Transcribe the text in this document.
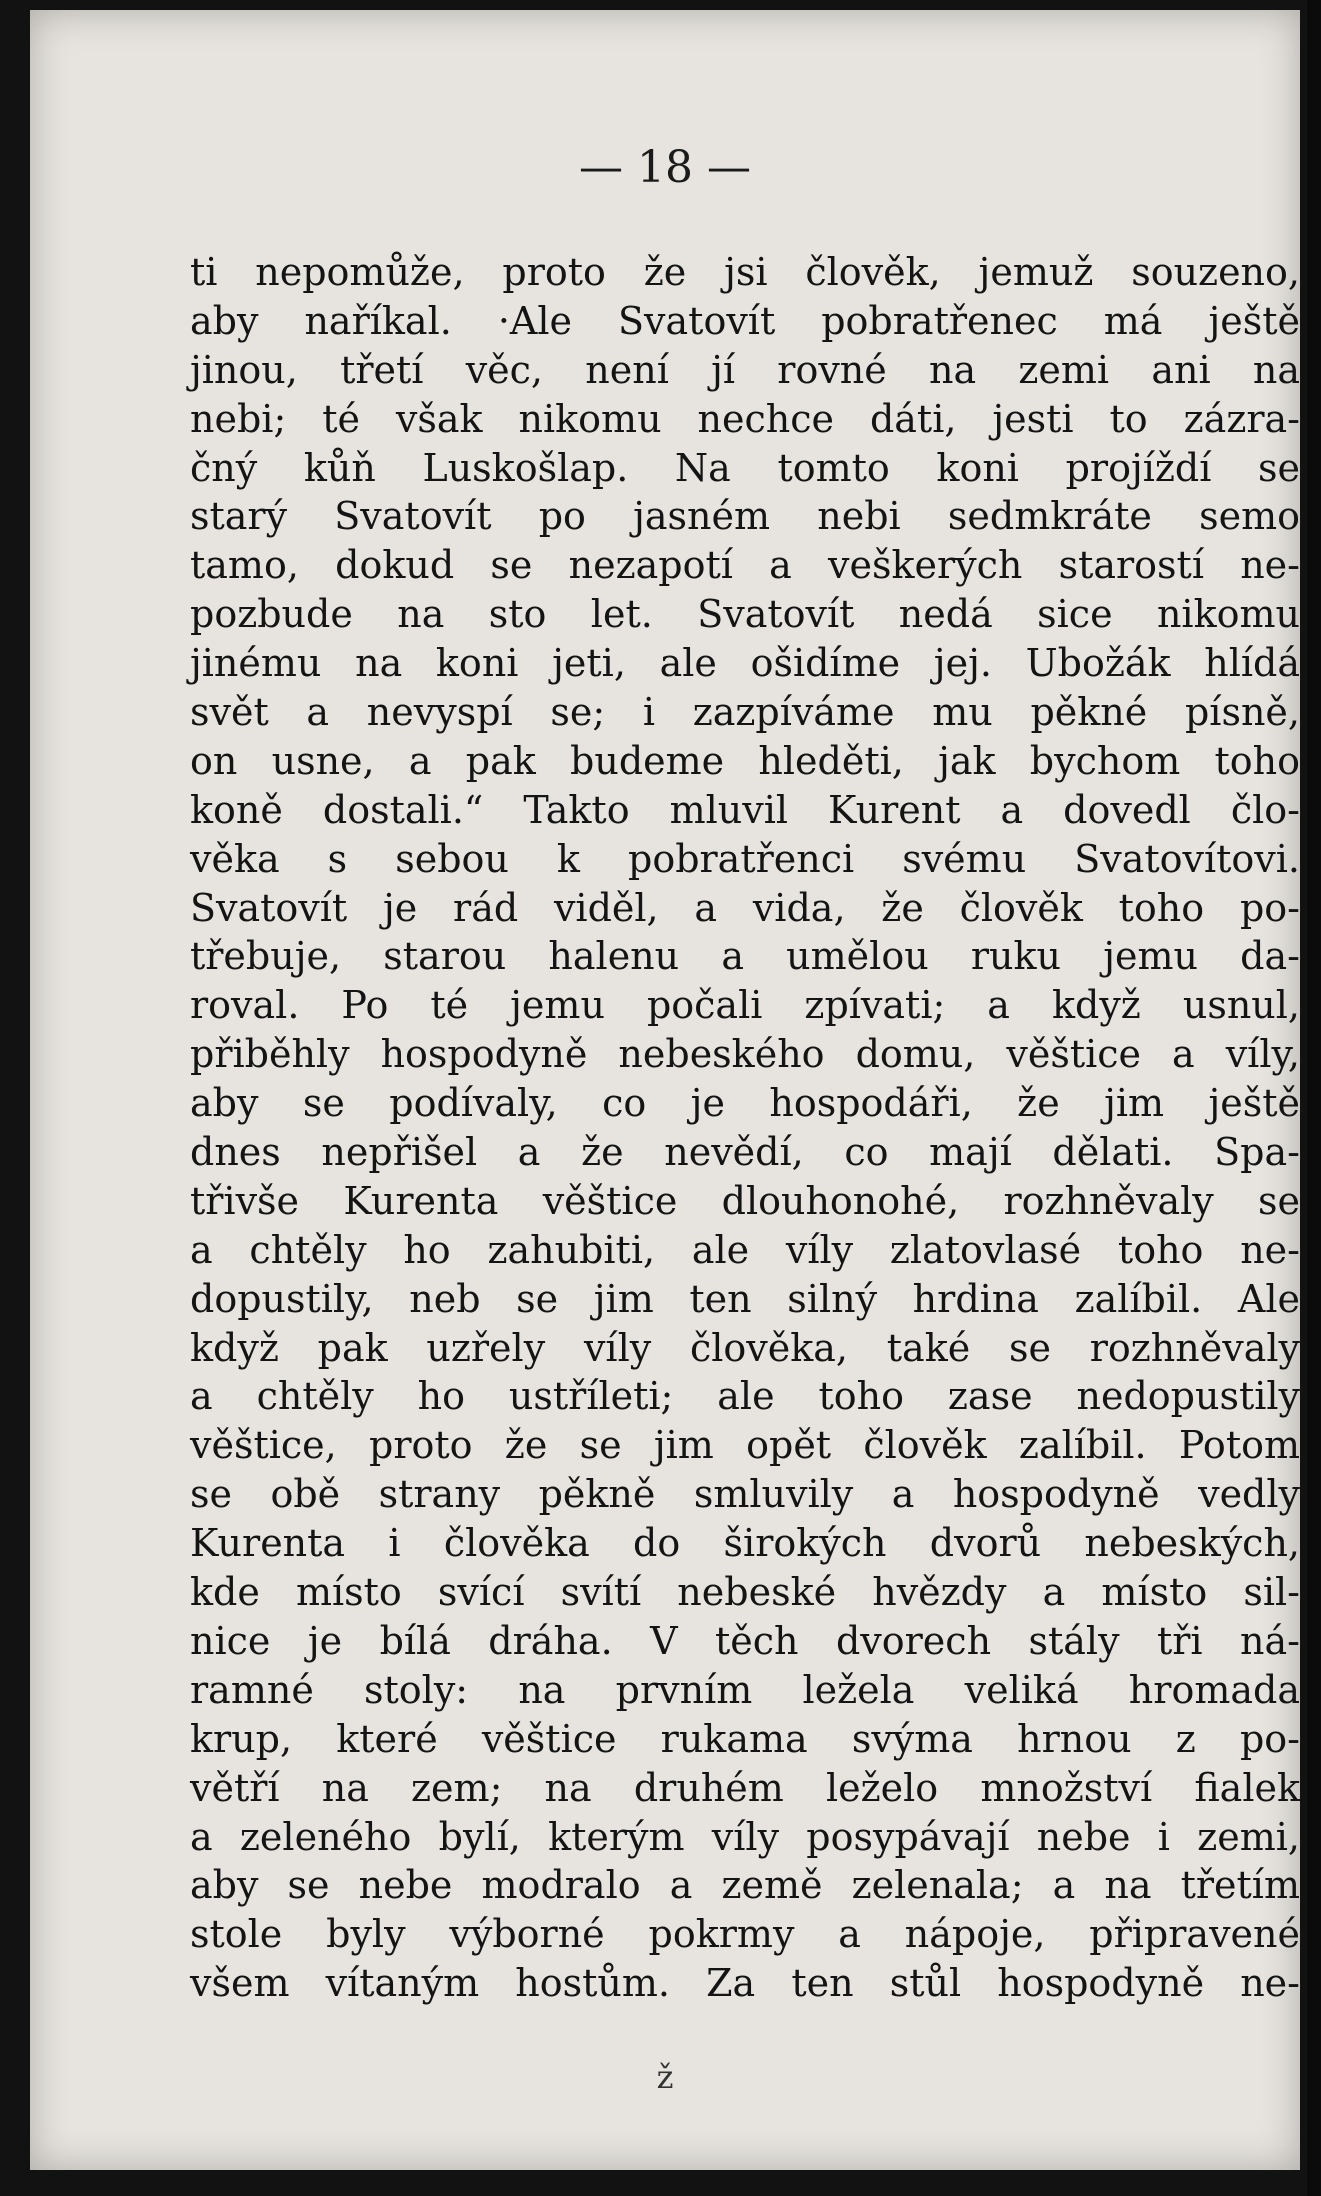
— 18 —
ti nepomůže, proto že jsi člověk, jemuž souzeno,
aby naříkal. ·Ale Svatovít pobratřenec má ještě
jinou, třetí věc, není jí rovné na zemi ani na
nebi; té však nikomu nechce dáti, jesti to zázra-
čný kůň Luskošlap. Na tomto koni projíždí se
starý Svatovít po jasném nebi sedmkráte semo
tamo, dokud se nezapotí a veškerých starostí ne-
pozbude na sto let. Svatovít nedá sice nikomu
jinému na koni jeti, ale ošidíme jej. Ubožák hlídá
svět a nevyspí se; i zazpíváme mu pěkné písně,
on usne, a pak budeme hleděti, jak bychom toho
koně dostali.“ Takto mluvil Kurent a dovedl člo-
věka s sebou k pobratřenci svému Svatovítovi.
Svatovít je rád viděl, a vida, že člověk toho po-
třebuje, starou halenu a umělou ruku jemu da-
roval. Po té jemu počali zpívati; a když usnul,
přiběhly hospodyně nebeského domu, věštice a víly,
aby se podívaly, co je hospodáři, že jim ještě
dnes nepřišel a že nevědí, co mají dělati. Spa-
třivše Kurenta věštice dlouhonohé, rozhněvaly se
a chtěly ho zahubiti, ale víly zlatovlasé toho ne-
dopustily, neb se jim ten silný hrdina zalíbil. Ale
když pak uzřely víly člověka, také se rozhněvaly
a chtěly ho ustříleti; ale toho zase nedopustily
věštice, proto že se jim opět člověk zalíbil. Potom
se obě strany pěkně smluvily a hospodyně vedly
Kurenta i člověka do širokých dvorů nebeských,
kde místo svící svítí nebeské hvězdy a místo sil-
nice je bílá dráha. V těch dvorech stály tři ná-
ramné stoly: na prvním ležela veliká hromada
krup, které věštice rukama svýma hrnou z po-
větří na zem; na druhém leželo množství fialek
a zeleného bylí, kterým víly posypávají nebe i zemi,
aby se nebe modralo a země zelenala; a na třetím
stole byly výborné pokrmy a nápoje, připravené
všem vítaným hostům. Za ten stůl hospodyně ne-
ž
